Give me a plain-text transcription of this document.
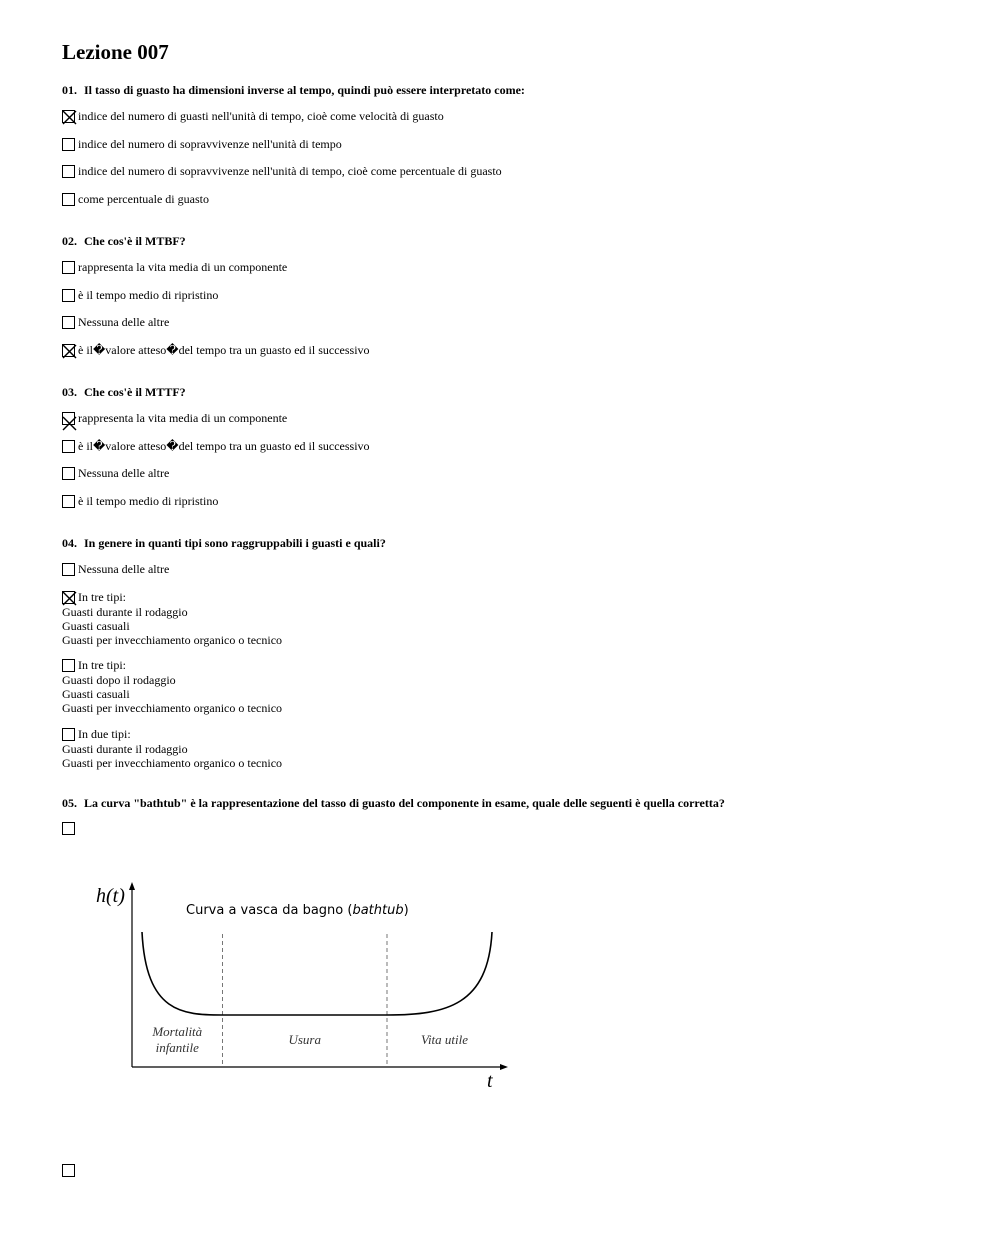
Lezione 007
01. Il tasso di guasto ha dimensioni inverse al tempo, quindi può essere interpretato come:
indice del numero di guasti nell'unità di tempo, cioè come velocità di guasto
indice del numero di sopravvivenze nell'unità di tempo
indice del numero di sopravvivenze nell'unità di tempo, cioè come percentuale di guasto
come percentuale di guasto
02. Che cos'è il MTBF?
rappresenta la vita media di un componente
è il tempo medio di ripristino
Nessuna delle altre
è il�valore atteso�del tempo tra un guasto ed il successivo
03. Che cos'è il MTTF?
rappresenta la vita media di un componente
è il�valore atteso�del tempo tra un guasto ed il successivo
Nessuna delle altre
è il tempo medio di ripristino
04. In genere in quanti tipi sono raggruppabili i guasti e quali?
Nessuna delle altre
In tre tipi:
Guasti durante il rodaggio
Guasti casuali
Guasti per invecchiamento organico o tecnico
In tre tipi:
Guasti dopo il rodaggio
Guasti casuali
Guasti per invecchiamento organico o tecnico
In due tipi:
Guasti durante il rodaggio
Guasti per invecchiamento organico o tecnico
05. La curva "bathtub" è la rappresentazione del tasso di guasto del componente in esame, quale delle seguenti è quella corretta?
h(t)
t
Curva a vasca da bagno (bathtub)
Mortalità
infantile
Usura	Vita utile
